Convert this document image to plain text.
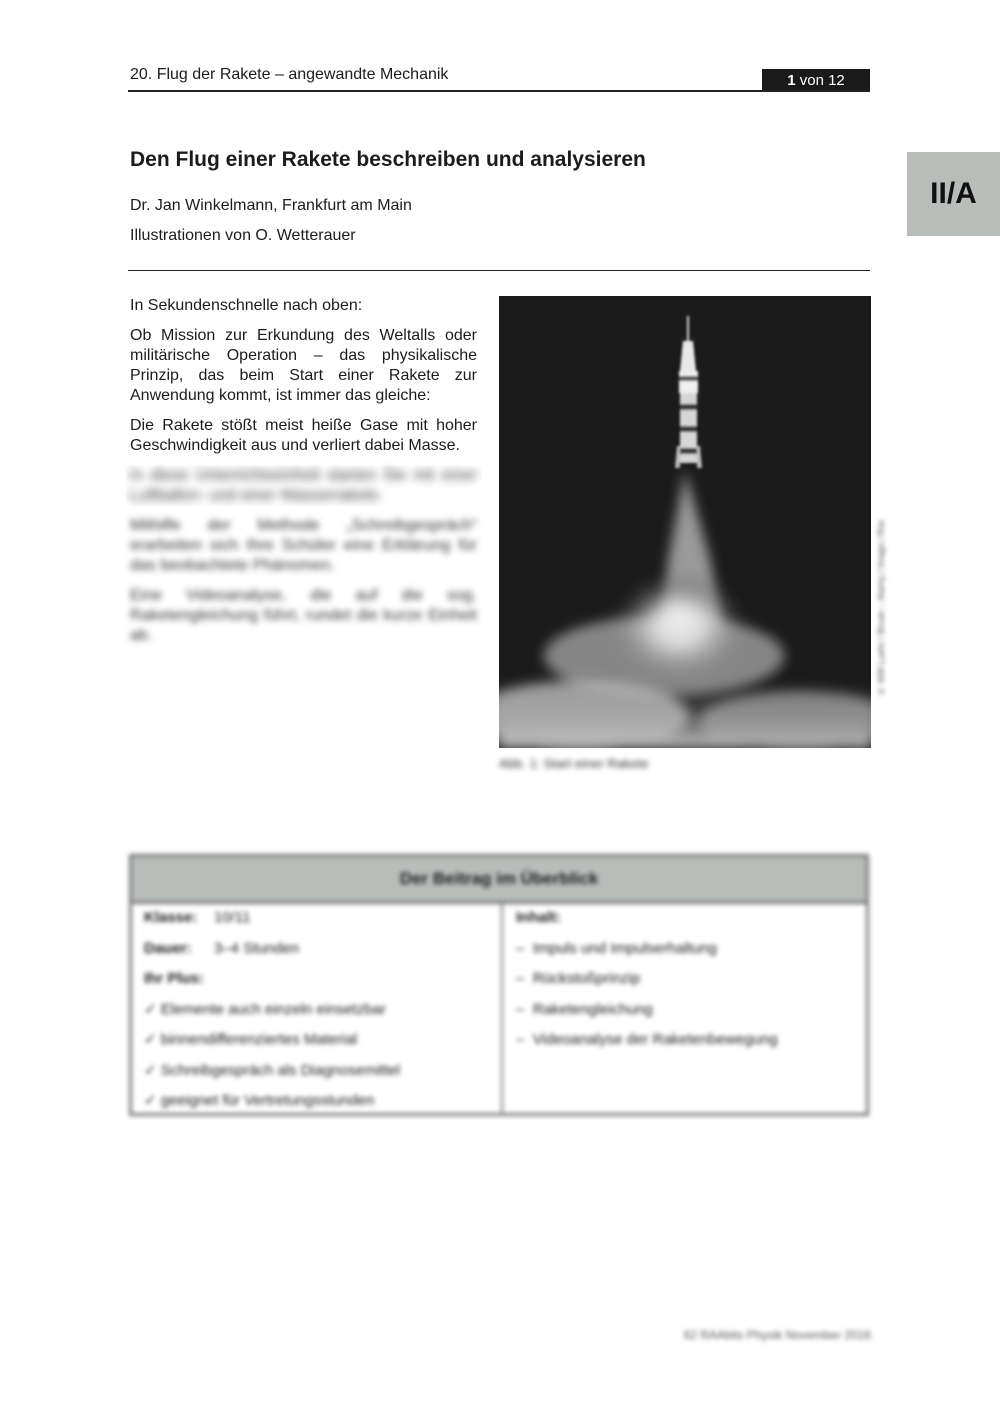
20. Flug der Rakete – angewandte Mechanik	1 von 12
II/A
Den Flug einer Rakete beschreiben und analysieren
Dr. Jan Winkelmann, Frankfurt am Main
Illustrationen von O. Wetterauer

In Sekundenschnelle nach oben:

Ob Mission zur Erkundung des Weltalls oder militärische Operation – das physikalische Prinzip, das beim Start einer Rakete zur Anwendung kommt, ist immer das gleiche:

Die Rakete stößt meist heiße Gase mit hoher Geschwindigkeit aus und verliert dabei Masse.

In diese Unterrichtseinheit starten Sie mit einer Luftballon- und einer Wasserrakete.

Mithilfe der Methode „Schreibgespräch“ erarbeiten sich Ihre Schüler eine Erklärung für das beobachtete Phänomen.

Eine Videoanalyse, die auf die sog. Raketengleichung führt, rundet die kurze Einheit ab.	© Willi Luehr / Bnuer – Alamy / Imago / Rss
Abb. 1: Start einer Rakete
Der Beitrag im Überblick
Klasse: 10/11
Dauer: 3–4 Stunden
Ihr Plus:
✓ Elemente auch einzeln einsetzbar
✓ binnendifferenziertes Material
✓ Schreibgespräch als Diagnosemittel
✓ geeignet für Vertretungsstunden
Inhalt:
–  Impuls und Impulserhaltung
–  Rückstoßprinzip
–  Raketengleichung
–  Videoanalyse der Raketenbewegung
62 RAAbits Physik November 2016
